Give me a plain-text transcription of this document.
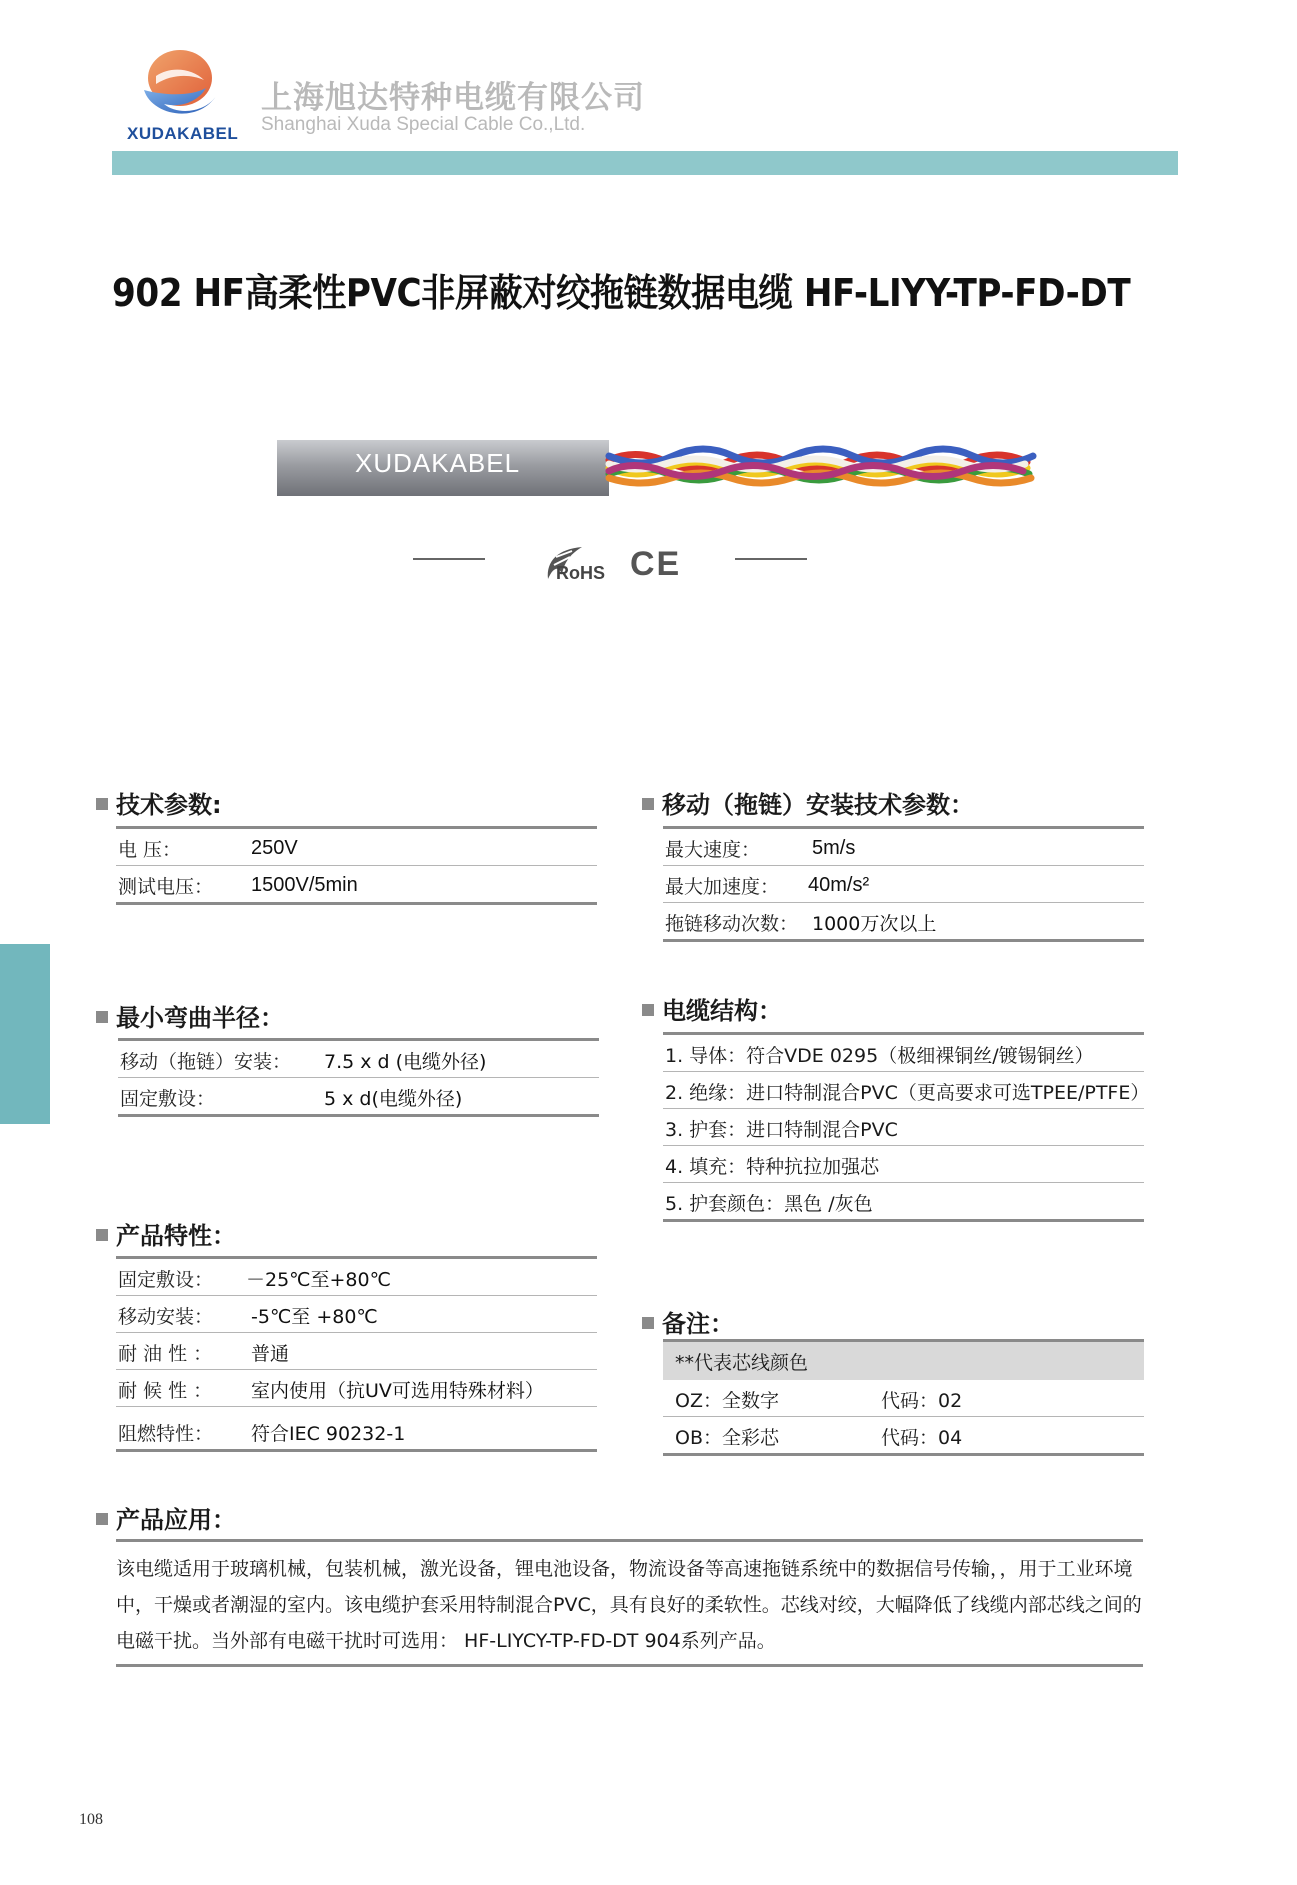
XUDAKABEL
上海旭达特种电缆有限公司
Shanghai Xuda Special Cable Co.,Ltd.
902 HF高柔性PVC非屏蔽对绞拖链数据电缆 HF-LIYY-TP-FD-DT
XUDAKABEL
RoHS CE
技术参数:
电 压：	250V
测试电压： 1500V/5min
最小弯曲半径：
移动（拖链）安装： 7.5 x d (电缆外径)
固定敷设：	5 x d(电缆外径)
产品特性：
固定敷设： －25℃至+80℃
移动安装： -5℃至 +80℃
耐 油 性 ： 普通
耐 候 性 ： 室内使用（抗UV可选用特殊材料）
阻燃特性： 符合IEC 90232-1
移动（拖链）安装技术参数：
最大速度：	5m/s
最大加速度： 40m/s²
拖链移动次数： 1000万次以上
电缆结构：
1. 导体：符合VDE 0295（极细裸铜丝/镀锡铜丝）
2. 绝缘：进口特制混合PVC（更高要求可选TPEE/PTFE）
3. 护套：进口特制混合PVC
4. 填充：特种抗拉加强芯
5. 护套颜色：黑色 /灰色
备注：
**代表芯线颜色
OZ：全数字	代码：02
OB：全彩芯	代码：04
产品应用：
该电缆适用于玻璃机械，包装机械，激光设备，锂电池设备，物流设备等高速拖链系统中的数据信号传输，，用于工业环境中，干燥或者潮湿的室内。该电缆护套采用特制混合PVC，具有良好的柔软性。芯线对绞，大幅降低了线缆内部芯线之间的电磁干扰。当外部有电磁干扰时可选用： HF-LIYCY-TP-FD-DT 904系列产品。
108
